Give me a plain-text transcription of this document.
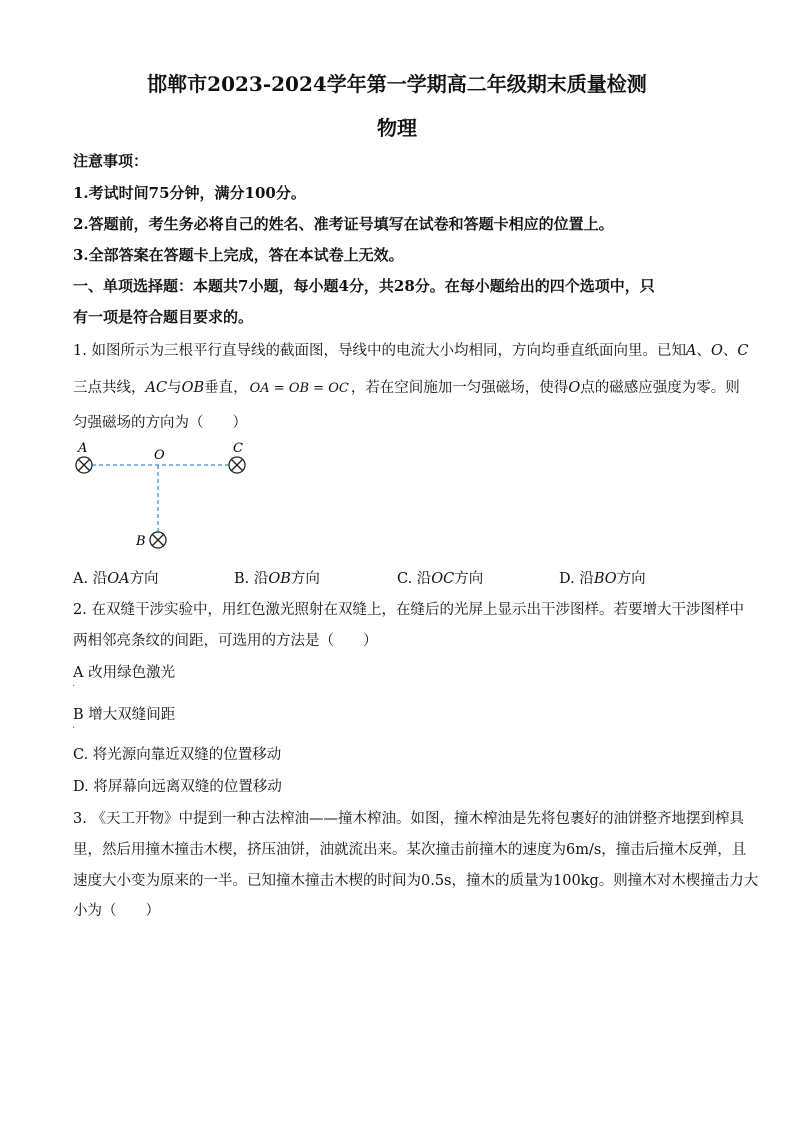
邯郸市2023-2024学年第一学期高二年级期末质量检测
物理
注意事项：
1.考试时间75分钟，满分100分。
2.答题前，考生务必将自己的姓名、准考证号填写在试卷和答题卡相应的位置上。
3.全部答案在答题卡上完成，答在本试卷上无效。
一、单项选择题：本题共7小题，每小题4分，共28分。在每小题给出的四个选项中，只
有一项是符合题目要求的。
1. 如图所示为三根平行直导线的截面图，导线中的电流大小均相同，方向均垂直纸面向里。已知A、O、C
三点共线，AC与OB垂直， OA = OB = OC ，若在空间施加一匀强磁场，使得O点的磁感应强度为零。则
匀强磁场的方向为（　　）
A	O	C
B
A. 沿OA方向	B. 沿OB方向	C. 沿OC方向	D. 沿BO方向
2. 在双缝干涉实验中，用红色激光照射在双缝上，在缝后的光屏上显示出干涉图样。若要增大干涉图样中
两相邻亮条纹的间距，可选用的方法是（　　）
A 改用绿色激光
.
B 增大双缝间距
.
C. 将光源向靠近双缝的位置移动
D. 将屏幕向远离双缝的位置移动
3. 《天工开物》中提到一种古法榨油——撞木榨油。如图，撞木榨油是先将包裹好的油饼整齐地摆到榨具
里，然后用撞木撞击木楔，挤压油饼，油就流出来。某次撞击前撞木的速度为6m/s，撞击后撞木反弹，且
速度大小变为原来的一半。已知撞木撞击木楔的时间为0.5s，撞木的质量为100kg。则撞木对木楔撞击力大
小为（　　）
